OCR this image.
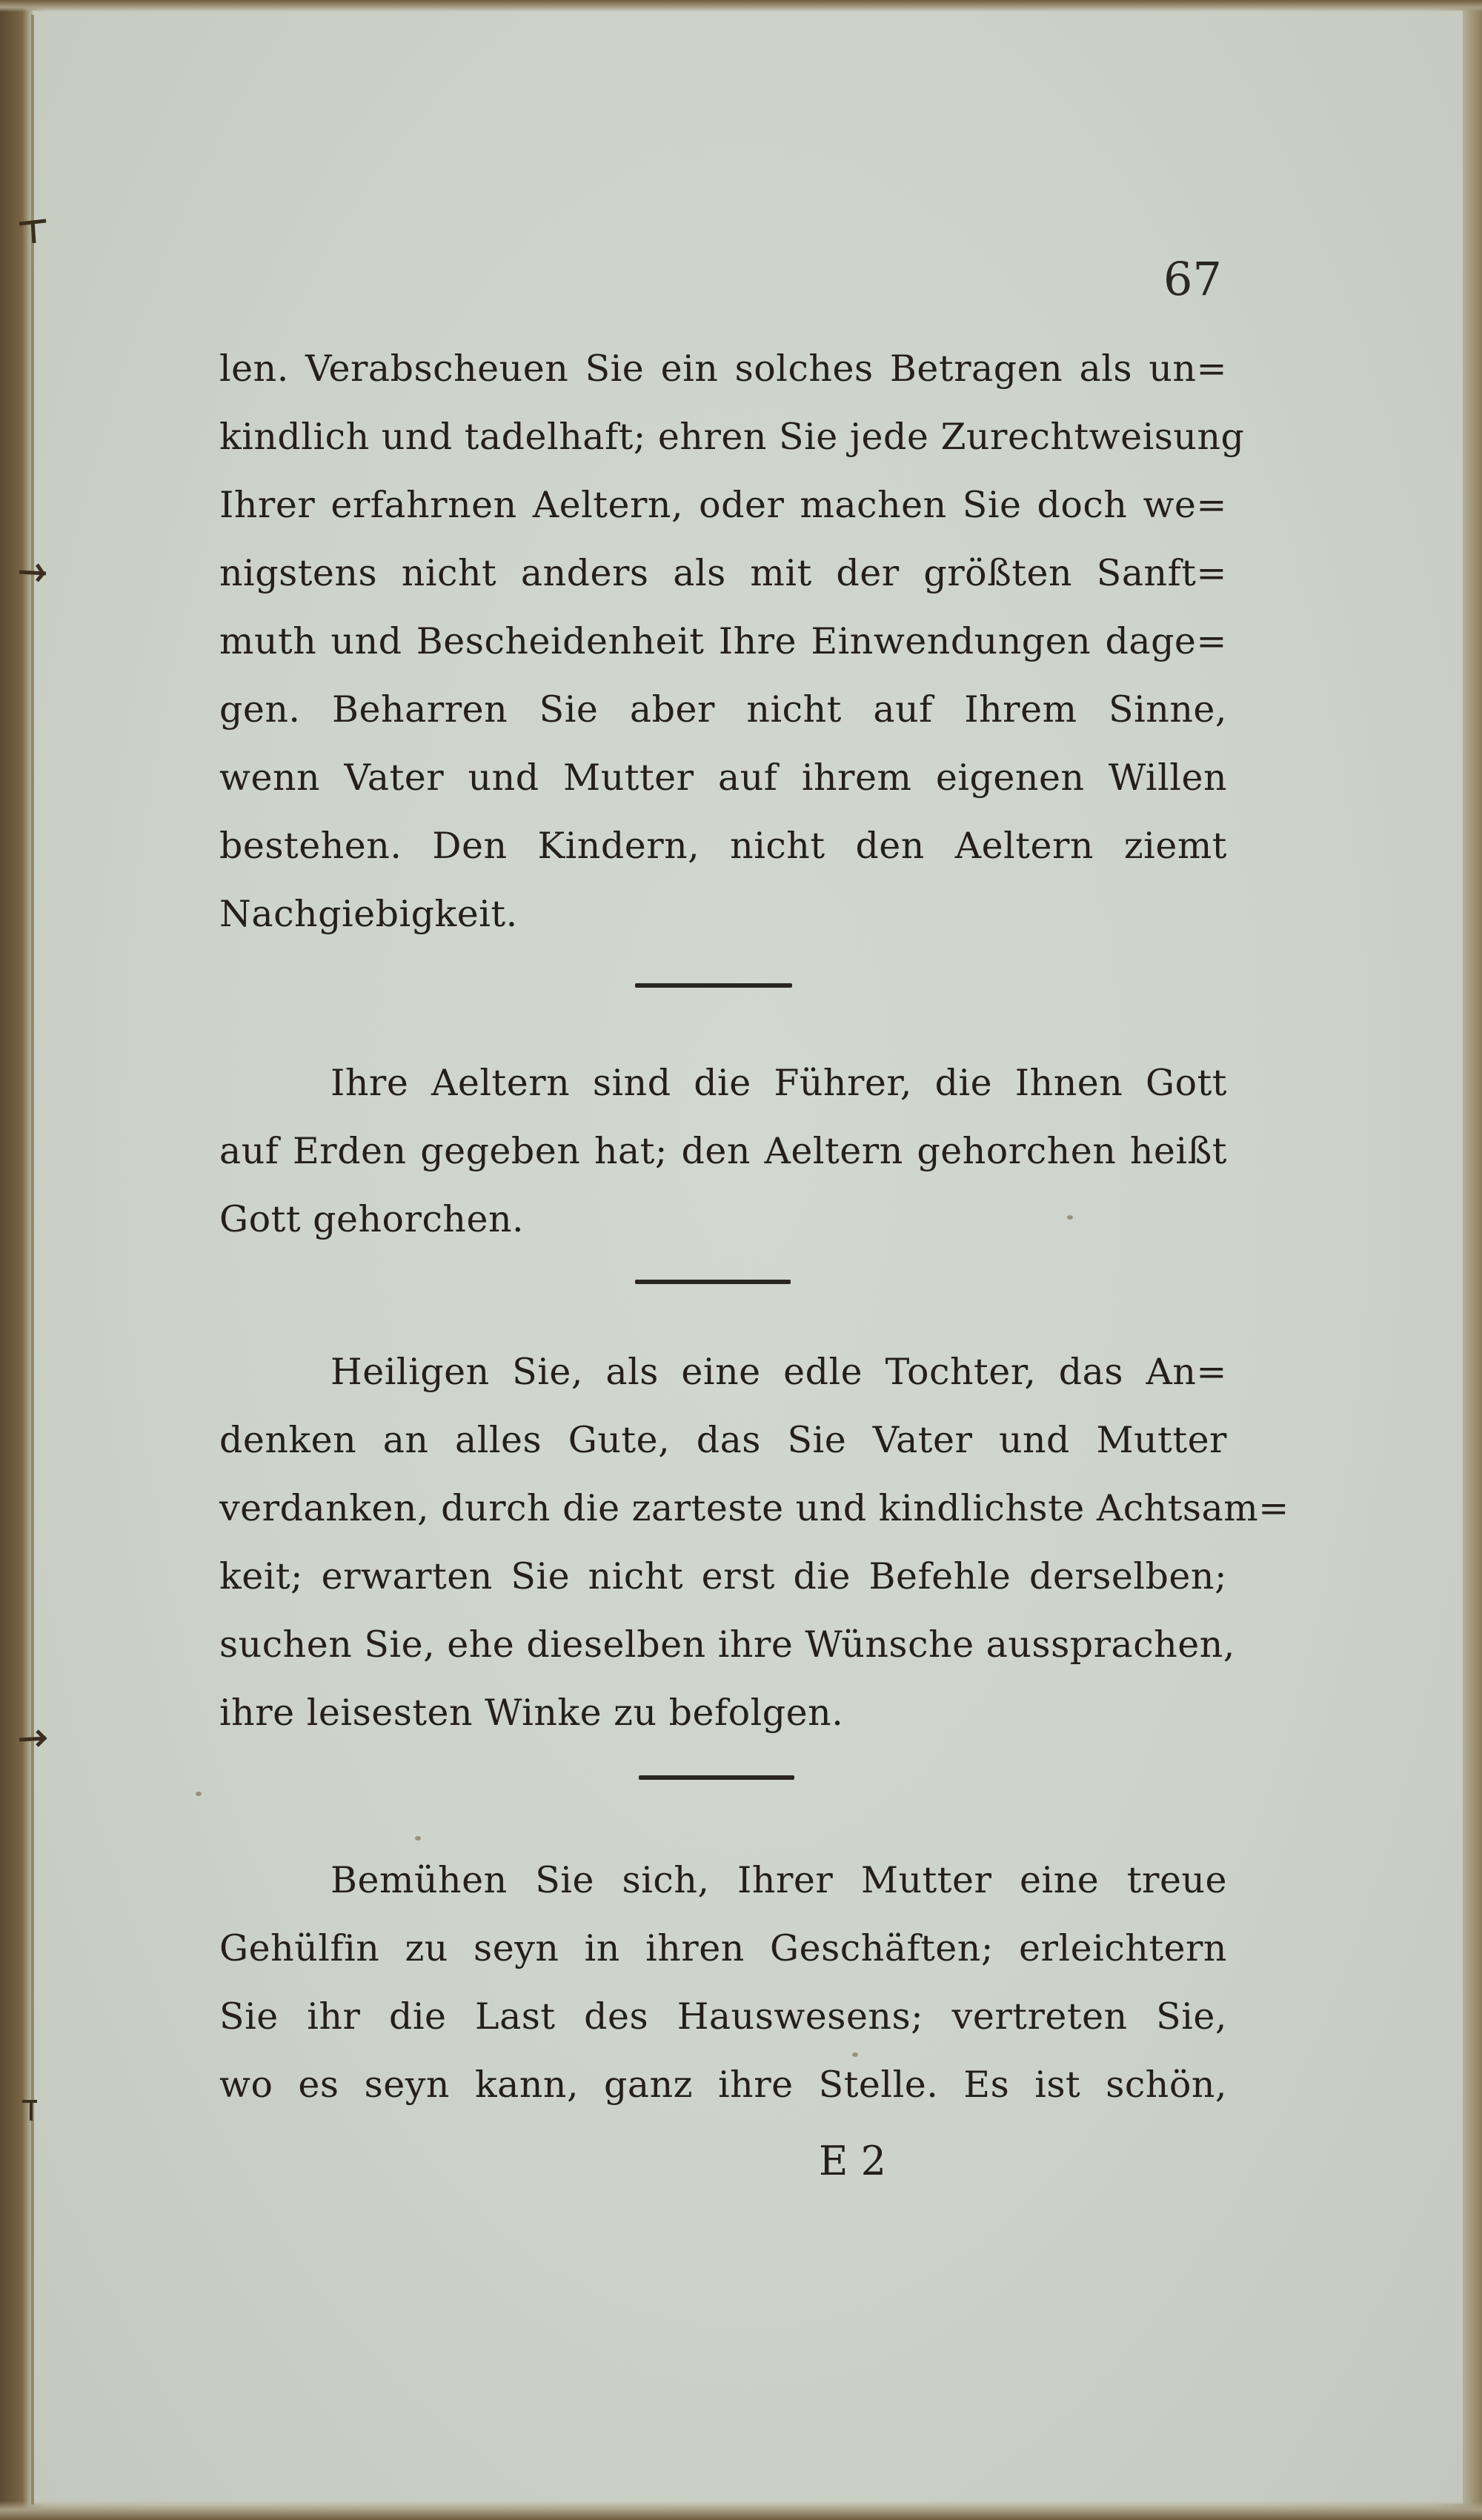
67
len. Verabscheuen Sie ein solches Betragen als un=
kindlich und tadelhaft; ehren Sie jede Zurechtweisung
Ihrer erfahrnen Aeltern, oder machen Sie doch we=
nigstens nicht anders als mit der größten Sanft=
muth und Bescheidenheit Ihre Einwendungen dage=
gen. Beharren Sie aber nicht auf Ihrem Sinne,
wenn Vater und Mutter auf ihrem eigenen Willen
bestehen. Den Kindern, nicht den Aeltern ziemt
Nachgiebigkeit.
Ihre Aeltern sind die Führer, die Ihnen Gott
auf Erden gegeben hat; den Aeltern gehorchen heißt
Gott gehorchen.
Heiligen Sie, als eine edle Tochter, das An=
denken an alles Gute, das Sie Vater und Mutter
verdanken, durch die zarteste und kindlichste Achtsam=
keit; erwarten Sie nicht erst die Befehle derselben;
suchen Sie, ehe dieselben ihre Wünsche aussprachen,
ihre leisesten Winke zu befolgen.
Bemühen Sie sich, Ihrer Mutter eine treue
Gehülfin zu seyn in ihren Geschäften; erleichtern
Sie ihr die Last des Hauswesens; vertreten Sie,
wo es seyn kann, ganz ihre Stelle. Es ist schön,
E 2
